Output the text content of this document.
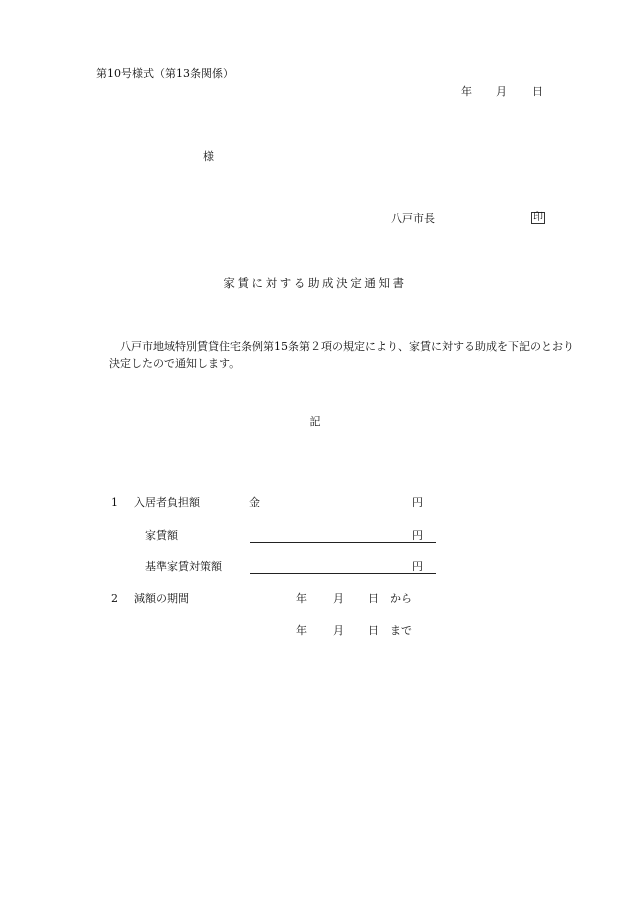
第10号様式（第13条関係）
年 月 日
様
八戸市長	印
家賃に対する助成決定通知書
八戸市地域特別賃貸住宅条例第15条第２項の規定により、家賃に対する助成を下記のとおり決定したので通知します。
記
1 入居者負担額	金	円
家賃額	円
基準家賃対策額	円
2 減額の期間	年 月 日 から
年 月 日 まで
